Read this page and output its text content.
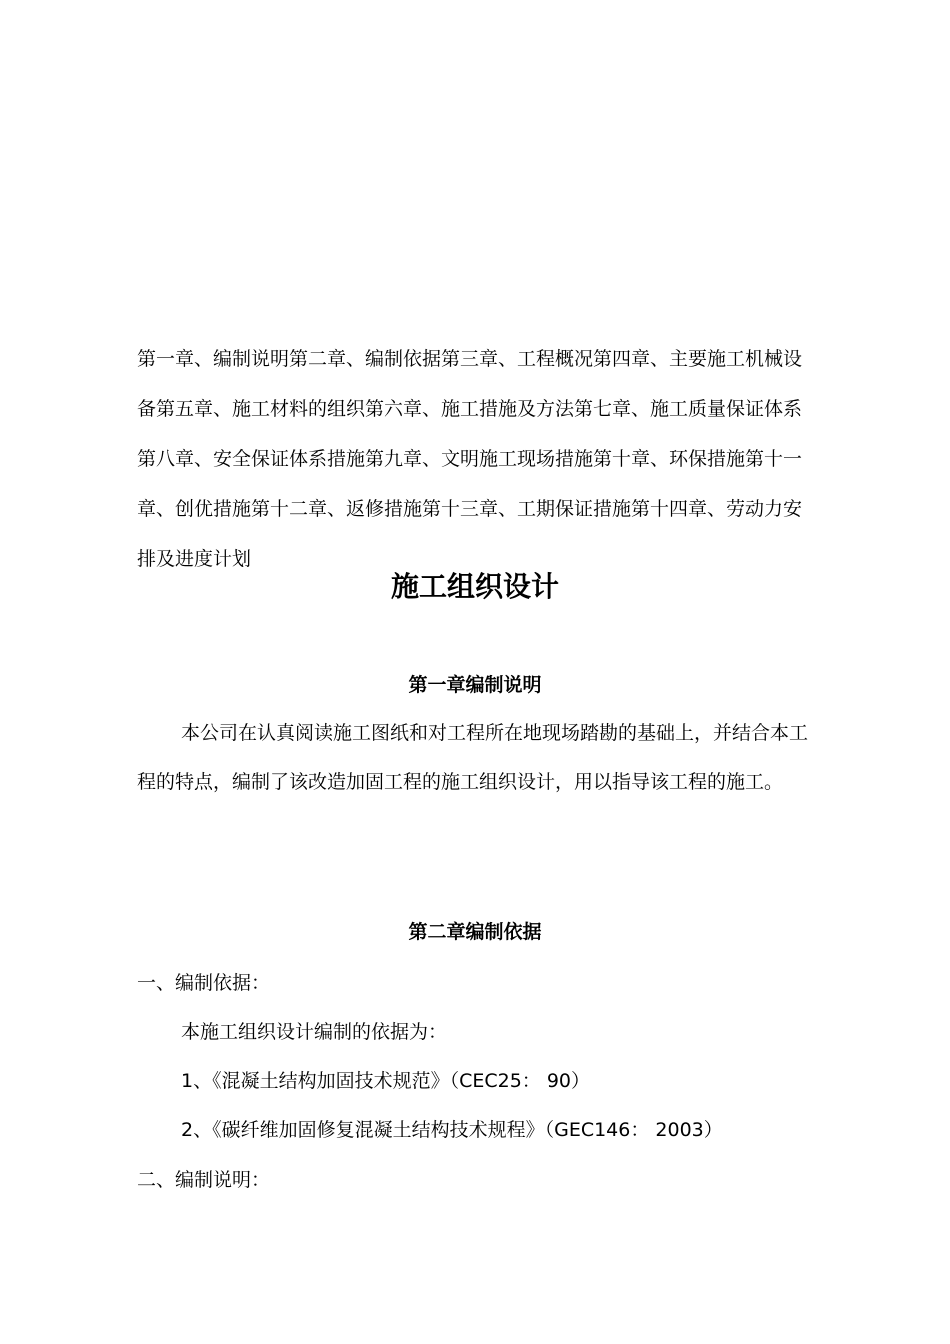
第一章、编制说明第二章、编制依据第三章、工程概况第四章、主要施工机械设备第五章、施工材料的组织第六章、施工措施及方法第七章、施工质量保证体系第八章、安全保证体系措施第九章、文明施工现场措施第十章、环保措施第十一章、创优措施第十二章、返修措施第十三章、工期保证措施第十四章、劳动力安排及进度计划

施工组织设计
第一章编制说明

本公司在认真阅读施工图纸和对工程所在地现场踏勘的基础上，并结合本工程的特点，编制了该改造加固工程的施工组织设计，用以指导该工程的施工。

第二章编制依据

一、编制依据：

本施工组织设计编制的依据为：

1、《混凝土结构加固技术规范》（CEC25： 90）

2、《碳纤维加固修复混凝土结构技术规程》（GEC146： 2003）

二、编制说明：
